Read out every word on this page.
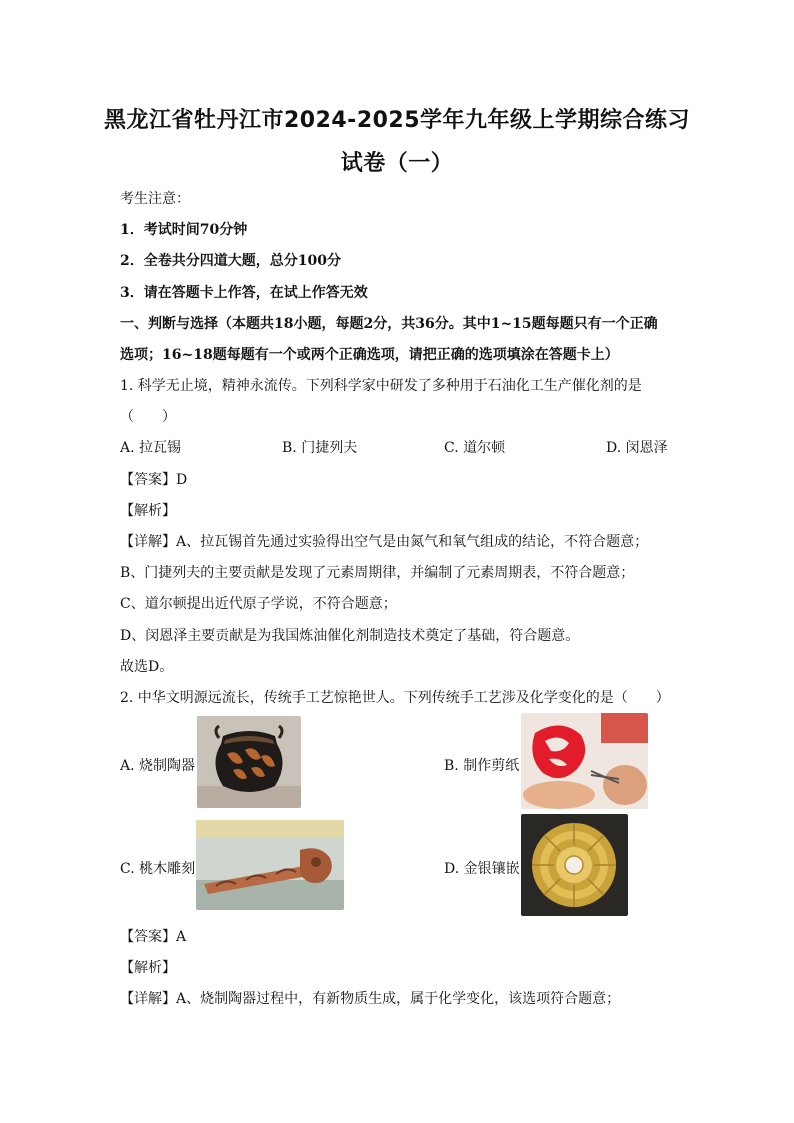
黑龙江省牡丹江市2024-2025学年九年级上学期综合练习
试卷（一）
考生注意：
1．考试时间70分钟
2．全卷共分四道大题，总分100分
3．请在答题卡上作答，在试上作答无效
一、判断与选择（本题共18小题，每题2分，共36分。其中1~15题每题只有一个正确
选项；16~18题每题有一个或两个正确选项，请把正确的选项填涂在答题卡上）
1. 科学无止境，精神永流传。下列科学家中研发了多种用于石油化工生产催化剂的是
（　　）
A. 拉瓦锡	B. 门捷列夫	C. 道尔顿	D. 闵恩泽
【答案】D
【解析】
【详解】A、拉瓦锡首先通过实验得出空气是由氮气和氧气组成的结论，不符合题意；
B、门捷列夫的主要贡献是发现了元素周期律，并编制了元素周期表，不符合题意；
C、道尔顿提出近代原子学说，不符合题意；
D、闵恩泽主要贡献是为我国炼油催化剂制造技术奠定了基础，符合题意。
故选D。
2. 中华文明源远流长，传统手工艺惊艳世人。下列传统手工艺涉及化学变化的是（　　）
A. 烧制陶器	B. 制作剪纸
C. 桃木雕刻	D. 金银镶嵌
【答案】A
【解析】
【详解】A、烧制陶器过程中，有新物质生成，属于化学变化，该选项符合题意；
